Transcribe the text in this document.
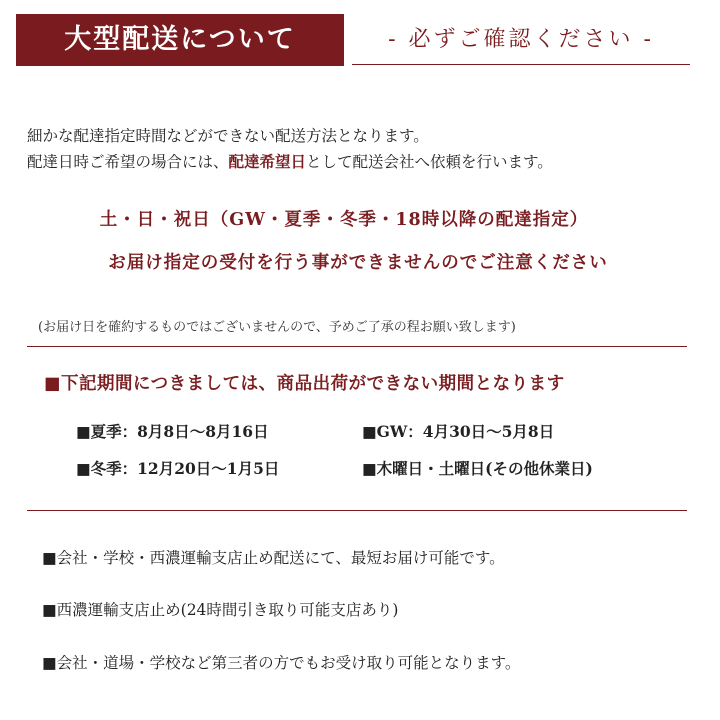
大型配送について	- 必ずご確認ください -
細かな配達指定時間などができない配送方法となります。
配達日時ご希望の場合には、配達希望日として配送会社へ依頼を行います。
土・日・祝日（GW・夏季・冬季・18時以降の配達指定）
お届け指定の受付を行う事ができませんのでご注意ください
(お届け日を確約するものではございませんので、予めご了承の程お願い致します)
■下記期間につきましては、商品出荷ができない期間となります
■夏季：8月8日～8月16日	■GW：4月30日～5月8日
■冬季：12月20日～1月5日	■木曜日・土曜日(その他休業日)
■会社・学校・西濃運輸支店止め配送にて、最短お届け可能です。
■西濃運輸支店止め(24時間引き取り可能支店あり)
■会社・道場・学校など第三者の方でもお受け取り可能となります。
